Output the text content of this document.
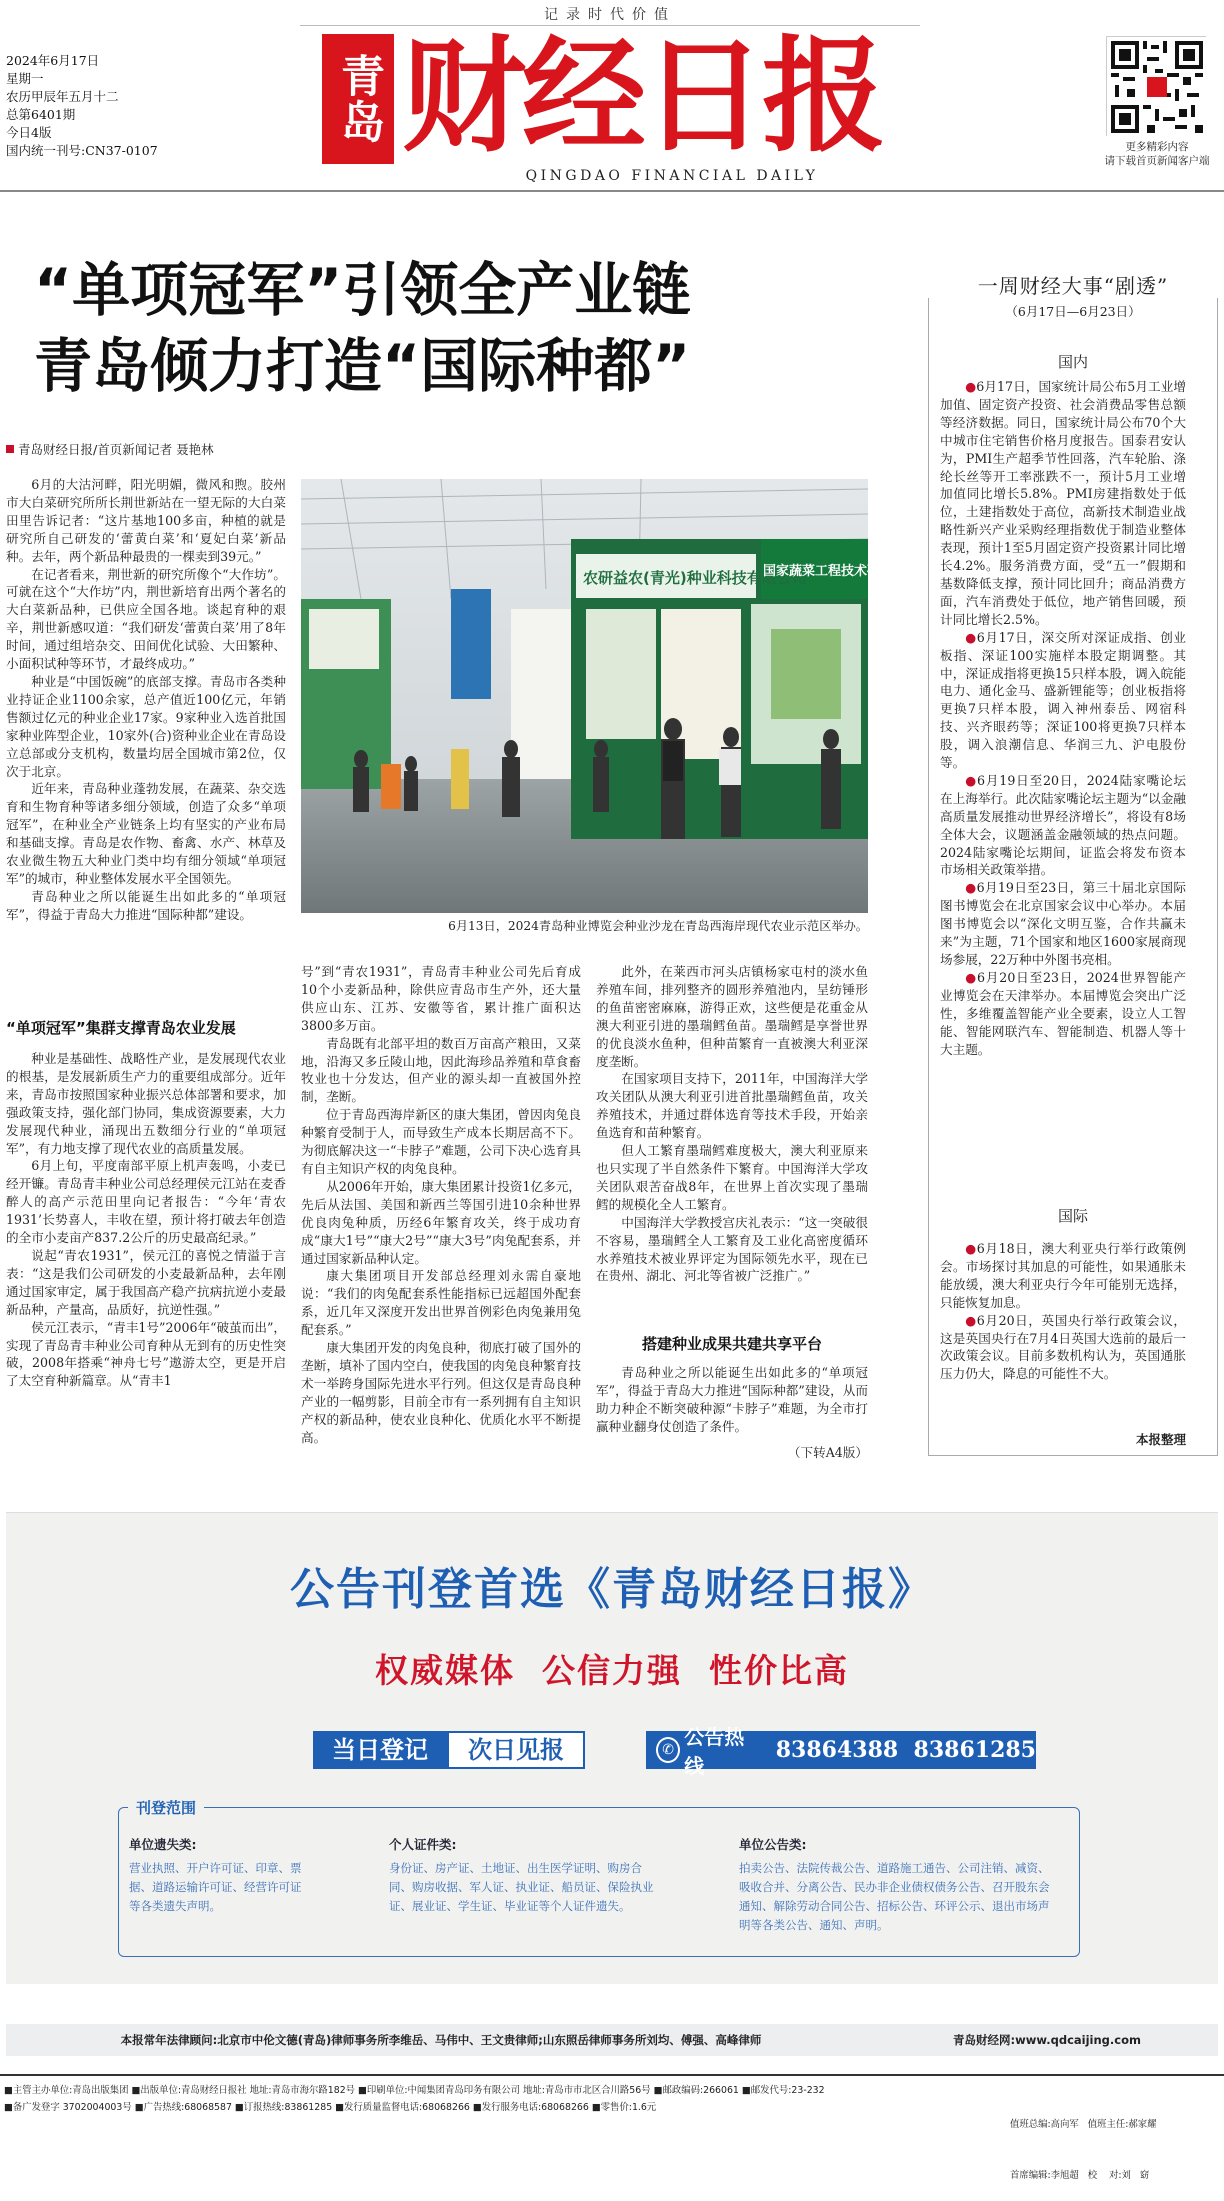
记录时代价值
2024年6月17日
星期一
农历甲辰年五月十二
总第6401期
今日4版
国内统一刊号:CN37-0107
青岛 财经日报
QINGDAO FINANCIAL DAILY
更多精彩内容
请下载首页新闻客户端
“单项冠军”引领全产业链
青岛倾力打造“国际种都”
青岛财经日报/首页新闻记者 聂艳林
农研益农(青光)种业科技有限公司
国家蔬菜工程技术研究中
6月13日，2024青岛种业博览会种业沙龙在青岛西海岸现代农业示范区举办。

6月的大沽河畔，阳光明媚，微风和煦。胶州市大白菜研究所所长荆世新站在一望无际的大白菜田里告诉记者：“这片基地100多亩，种植的就是研究所自己研发的‘蕾黄白菜’和‘夏妃白菜’新品种。去年，两个新品种最贵的一棵卖到39元。”

在记者看来，荆世新的研究所像个“大作坊”。可就在这个“大作坊”内，荆世新培育出两个著名的大白菜新品种，已供应全国各地。谈起育种的艰辛，荆世新感叹道：“我们研发‘蕾黄白菜’用了8年时间，通过组培杂交、田间优化试验、大田繁种、小面积试种等环节，才最终成功。”

种业是“中国饭碗”的底部支撑。青岛市各类种业持证企业1100余家，总产值近100亿元，年销售额过亿元的种业企业17家。9家种业入选首批国家种业阵型企业，10家外(合)资种业企业在青岛设立总部或分支机构，数量均居全国城市第2位，仅次于北京。

近年来，青岛种业蓬勃发展，在蔬菜、杂交选育和生物育种等诸多细分领域，创造了众多“单项冠军”，在种业全产业链条上均有坚实的产业布局和基础支撑。青岛是农作物、畜禽、水产、林草及农业微生物五大种业门类中均有细分领域“单项冠军”的城市，种业整体发展水平全国领先。

青岛种业之所以能诞生出如此多的“单项冠军”，得益于青岛大力推进“国际种都”建设。

“单项冠军”集群支撑青岛农业发展

种业是基础性、战略性产业，是发展现代农业的根基，是发展新质生产力的重要组成部分。近年来，青岛市按照国家种业振兴总体部署和要求，加强政策支持，强化部门协同，集成资源要素，大力发展现代种业，涌现出五数细分行业的“单项冠军”，有力地支撑了现代农业的高质量发展。

6月上旬，平度南部平原上机声轰鸣，小麦已经开镰。青岛青丰种业公司总经理侯元江站在麦香醉人的高产示范田里向记者报告：“今年‘青农1931’长势喜人，丰收在望，预计将打破去年创造的全市小麦亩产837.2公斤的历史最高纪录。”

说起“青农1931”，侯元江的喜悦之情溢于言表：“这是我们公司研发的小麦最新品种，去年刚通过国家审定，属于我国高产稳产抗病抗逆小麦最新品种，产量高，品质好，抗逆性强。”

侯元江表示，“青丰1号”2006年“破茧而出”，实现了青岛青丰种业公司育种从无到有的历史性突破，2008年搭乘“神舟七号”遨游太空，更是开启了太空育种新篇章。从“青丰1

号”到“青农1931”，青岛青丰种业公司先后育成10个小麦新品种，除供应青岛市生产外，还大量供应山东、江苏、安徽等省，累计推广面积达3800多万亩。

青岛既有北部平坦的数百万亩高产粮田，又菜地，沿海又多丘陵山地，因此海珍品养殖和草食畜牧业也十分发达，但产业的源头却一直被国外控制，垄断。

位于青岛西海岸新区的康大集团，曾因肉兔良种繁育受制于人，而导致生产成本长期居高不下。为彻底解决这一“卡脖子”难题，公司下决心选育具有自主知识产权的肉兔良种。

从2006年开始，康大集团累计投资1亿多元，先后从法国、美国和新西兰等国引进10余种世界优良肉兔种质，历经6年繁育攻关，终于成功育成“康大1号”“康大2号”“康大3号”肉兔配套系，并通过国家新品种认定。

康大集团项目开发部总经理刘永需自豪地说：“我们的肉兔配套系性能指标已远超国外配套系，近几年又深度开发出世界首例彩色肉兔兼用兔配套系。”

康大集团开发的肉兔良种，彻底打破了国外的垄断，填补了国内空白，使我国的肉兔良种繁育技术一举跨身国际先进水平行列。但这仅是青岛良种产业的一幅剪影，目前全市有一系列拥有自主知识产权的新品种，使农业良种化、优质化水平不断提高。

此外，在莱西市河头店镇杨家屯村的淡水鱼养殖车间，排列整齐的圆形养殖池内，呈纺锤形的鱼苗密密麻麻，游得正欢，这些便是花重金从澳大利亚引进的墨瑞鳕鱼苗。墨瑞鳕是享誉世界的优良淡水鱼种，但种苗繁育一直被澳大利亚深度垄断。

在国家项目支持下，2011年，中国海洋大学攻关团队从澳大利亚引进首批墨瑞鳕鱼苗，攻关养殖技术，并通过群体选育等技术手段，开始亲鱼选育和苗种繁育。

但人工繁育墨瑞鳕难度极大，澳大利亚原来也只实现了半自然条件下繁育。中国海洋大学攻关团队艰苦奋战8年，在世界上首次实现了墨瑞鳕的规模化全人工繁育。

中国海洋大学教授宫庆礼表示：“这一突破很不容易，墨瑞鳕全人工繁育及工业化高密度循环水养殖技术被业界评定为国际领先水平，现在已在贵州、湖北、河北等省被广泛推广。”

搭建种业成果共建共享平台

青岛种业之所以能诞生出如此多的“单项冠军”，得益于青岛大力推进“国际种都”建设，从而助力种企不断突破种源“卡脖子”难题，为全市打赢种业翻身仗创造了条件。

（下转A4版）
一周财经大事“剧透”
（6月17日—6月23日）
国内

●6月17日，国家统计局公布5月工业增加值、固定资产投资、社会消费品零售总额等经济数据。同日，国家统计局公布70个大中城市住宅销售价格月度报告。国泰君安认为，PMI生产超季节性回落，汽车轮胎、涤纶长丝等开工率涨跌不一，预计5月工业增加值同比增长5.8%。PMI房建指数处于低位，土建指数处于高位，高新技术制造业战略性新兴产业采购经理指数优于制造业整体表现，预计1至5月固定资产投资累计同比增长4.2%。服务消费方面，受“五一”假期和基数降低支撑，预计同比回升；商品消费方面，汽车消费处于低位，地产销售回暖，预计同比增长2.5%。

●6月17日，深交所对深证成指、创业板指、深证100实施样本股定期调整。其中，深证成指将更换15只样本股，调入皖能电力、通化金马、盛新锂能等；创业板指将更换7只样本股，调入神州泰岳、网宿科技、兴齐眼药等；深证100将更换7只样本股，调入浪潮信息、华润三九、沪电股份等。

●6月19日至20日，2024陆家嘴论坛在上海举行。此次陆家嘴论坛主题为“以金融高质量发展推动世界经济增长”，将设有8场全体大会，议题涵盖金融领域的热点问题。2024陆家嘴论坛期间，证监会将发布资本市场相关政策举措。

●6月19日至23日，第三十届北京国际图书博览会在北京国家会议中心举办。本届图书博览会以“深化文明互鉴，合作共赢未来”为主题，71个国家和地区1600家展商现场参展，22万种中外图书亮相。

●6月20日至23日，2024世界智能产业博览会在天津举办。本届博览会突出广泛性，多维覆盖智能产业全要素，设立人工智能、智能网联汽车、智能制造、机器人等十大主题。

国际

●6月18日，澳大利亚央行举行政策例会。市场探讨其加息的可能性，如果通胀未能放缓，澳大利亚央行今年可能别无选择，只能恢复加息。

●6月20日，英国央行举行政策会议，这是英国央行在7月4日英国大选前的最后一次政策会议。目前多数机构认为，英国通胀压力仍大，降息的可能性不大。

本报整理
公告刊登首选《青岛财经日报》
权威媒体  公信力强  性价比高
当日登记	次日见报	✆
公告热线
83864388  83861285
刊登范围
单位遗失类:
营业执照、开户许可证、印章、票据、道路运输许可证、经营许可证等各类遗失声明。
个人证件类:
身份证、房产证、土地证、出生医学证明、购房合同、购房收据、军人证、执业证、船员证、保险执业证、展业证、学生证、毕业证等个人证件遗失。
单位公告类:
拍卖公告、法院传裁公告、道路施工通告、公司注销、减资、吸收合并、分离公告、民办非企业债权债务公告、召开股东会通知、解除劳动合同公告、招标公告、环评公示、退出市场声明等各类公告、通知、声明。
本报常年法律顾问:北京市中伦文德(青岛)律师事务所李维岳、马伟中、王文贵律师;山东照岳律师事务所刘均、傅强、高峰律师	青岛财经网:www.qdcaijing.com
■主管主办单位:青岛出版集团 ■出版单位:青岛财经日报社 地址:青岛市海尔路182号 ■印刷单位:中闻集团青岛印务有限公司 地址:青岛市市北区合川路56号 ■邮政编码:266061 ■邮发代号:23-232
■备广发登字 3702004003号 ■广告热线:68068587 ■订报热线:83861285 ■发行质量监督电话:68068266 ■发行服务电话:68068266 ■零售价:1.6元

值班总编:高向军   值班主任:郝家耀

首席编辑:李旭超   校    对:刘   窈
